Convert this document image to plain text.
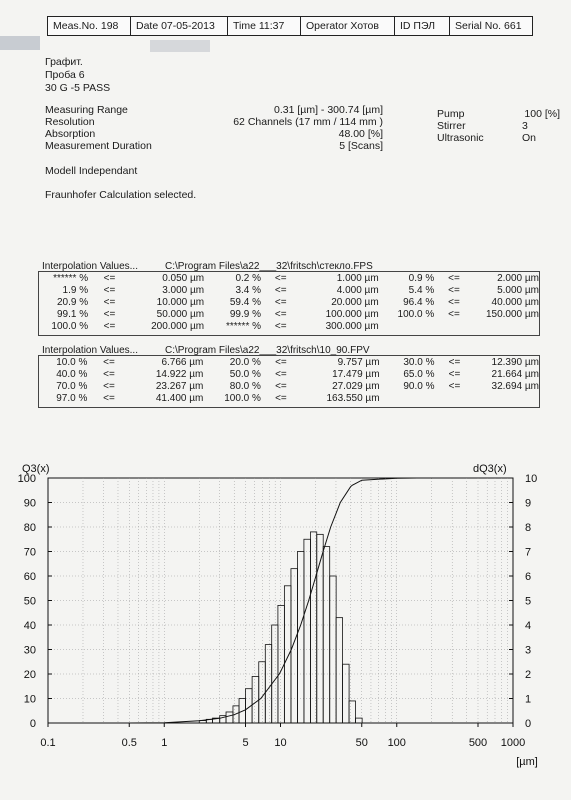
Meas.No. 198	Date 07-05-2013	Time 11:37	Operator Хотов	ID ПЭЛ	Serial No. 661
Графит.
Проба 6
30 G -5 PASS
Measuring Range	0.31 [µm] - 300.74 [µm]
Resolution	62 Channels (17 mm / 114 mm )
Absorption	48.00 [%]
Measurement Duration	5 [Scans]
Pump	100 [%]
Stirrer	3
Ultrasonic	On
Modell Independant
Fraunhofer Calculation selected.
Interpolation Values...	C:\Program Files\a22___32\fritsch\стекло.FPS
****** %	<=	0.050 µm	0.2 %	<=	1.000 µm	0.9 %	<=	2.000 µm
1.9 %	<=	3.000 µm	3.4 %	<=	4.000 µm	5.4 %	<=	5.000 µm
20.9 %	<=	10.000 µm	59.4 %	<=	20.000 µm	96.4 %	<=	40.000 µm
99.1 %	<=	50.000 µm	99.9 %	<=	100.000 µm	100.0 %	<=	150.000 µm
100.0 %	<=	200.000 µm	****** %	<=	300.000 µm			
Interpolation Values...	C:\Program Files\a22___32\fritsch\10_90.FPV
10.0 %	<=	6.766 µm	20.0 %	<=	9.757 µm	30.0 %	<=	12.390 µm
40.0 %	<=	14.922 µm	50.0 %	<=	17.479 µm	65.0 %	<=	21.664 µm
70.0 %	<=	23.267 µm	80.0 %	<=	27.029 µm	90.0 %	<=	32.694 µm
97.0 %	<=	41.400 µm	100.0 %	<=	163.550 µm			
Q3(x)	dQ3(x)
0
10
20
30
40
50
60
70
80
90
100
0
1
2
3
4
5
6
7
8
9
10
0.1	0.5 1	5 10	50 100	500 1000
[µm]
